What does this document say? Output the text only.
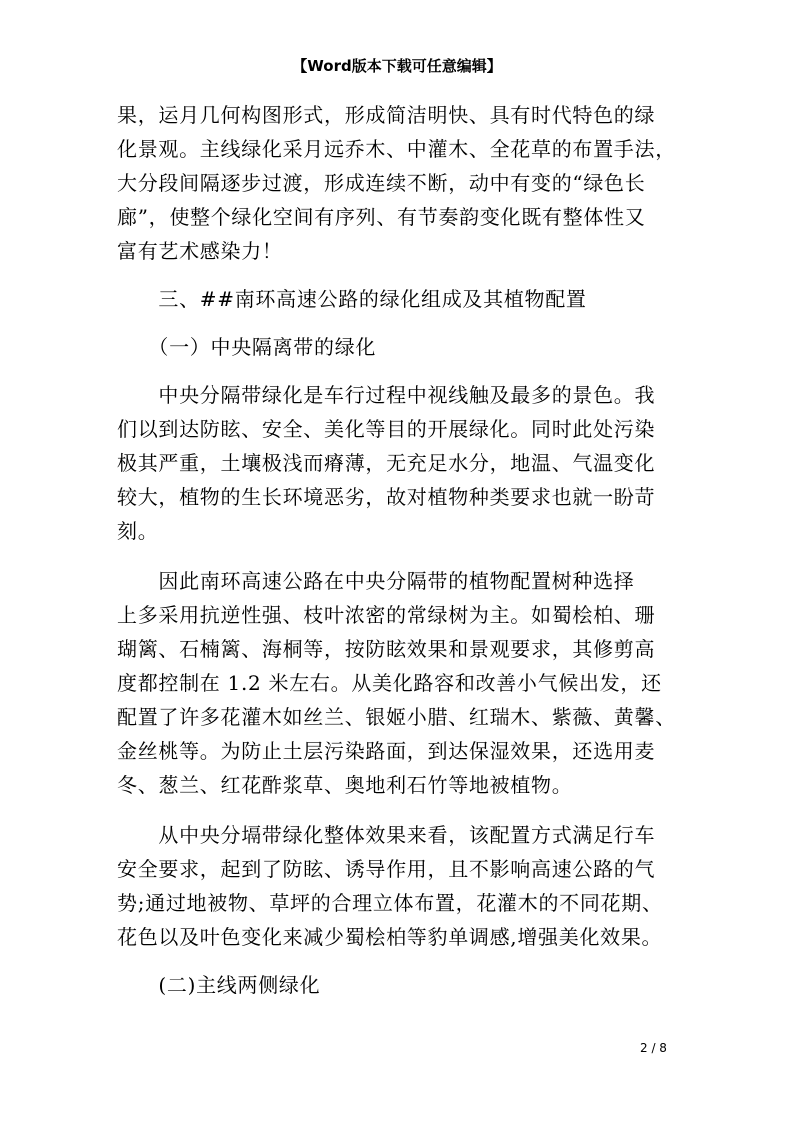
【Word版本下载可任意编辑】

果，运月几何构图形式，形成简洁明快、具有时代特色的绿
化景观。主线绿化采月远乔木、中灌木、全花草的布置手法，
大分段间隔逐步过渡，形成连续不断，动中有变的“绿色长
廊”，使整个绿化空间有序列、有节奏韵变化既有整体性又
富有艺术感染力！

　　三、##南环高速公路的绿化组成及其植物配置

　　（一）中央隔离带的绿化

　　中央分隔带绿化是车行过程中视线触及最多的景色。我
们以到达防眩、安全、美化等目的开展绿化。同时此处污染
极其严重，土壤极浅而瘠薄，无充足水分，地温、气温变化
较大，植物的生长环境恶劣，故对植物种类要求也就一盼苛
刻。

　　因此南环高速公路在中央分隔带的植物配置树种选择
上多采用抗逆性强、枝叶浓密的常绿树为主。如蜀桧柏、珊
瑚篱、石楠篱、海桐等，按防眩效果和景观要求，其修剪高
度都控制在 1.2 米左右。从美化路容和改善小气候出发，还
配置了许多花灌木如丝兰、银姬小腊、红瑞木、紫薇、黄馨、
金丝桃等。为防止土层污染路面，到达保湿效果，还选用麦
冬、葱兰、红花酢浆草、奥地利石竹等地被植物。

　　从中央分塥带绿化整体效果来看，该配置方式满足行车
安全要求，起到了防眩、诱导作用，且不影响高速公路的气
势;通过地被物、草坪的合理立体布置，花灌木的不同花期、
花色以及叶色变化来减少蜀桧柏等豹单调感,增强美化效果。

　　(二)主线两侧绿化

2 / 8
